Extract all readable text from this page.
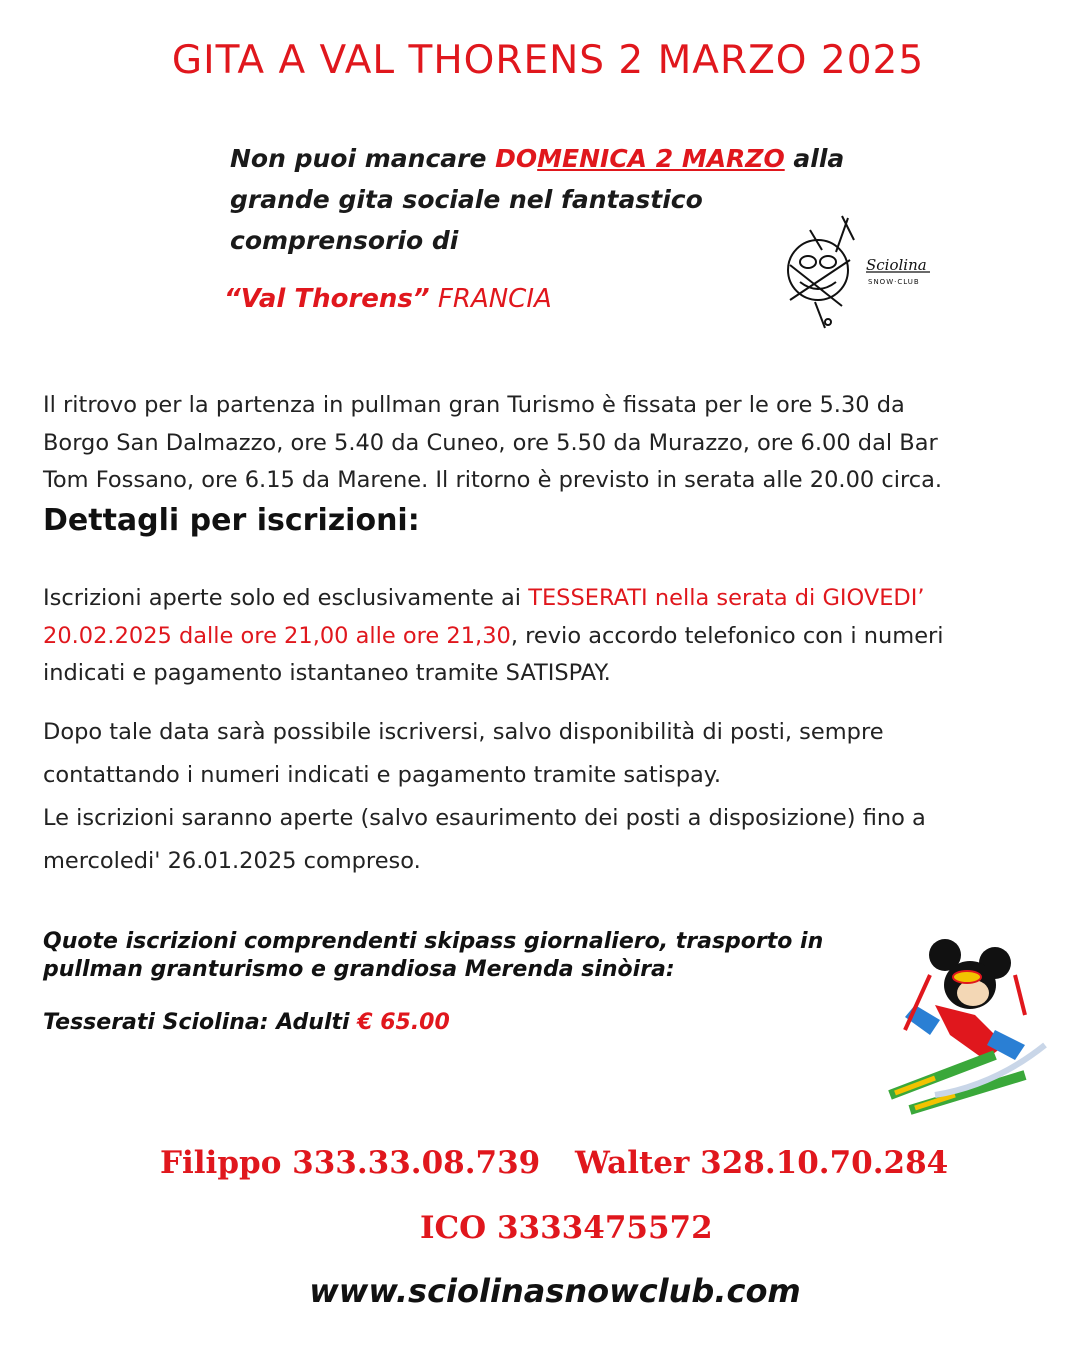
GITA A VAL THORENS 2 MARZO 2025
Non puoi mancare DOMENICA 2 MARZO alla
grande gita sociale nel fantastico
comprensorio di
“Val Thorens” FRANCIA
Sciolina
SNOW·CLUB
Il ritrovo per la partenza in pullman gran Turismo è fissata per le ore 5.30 da
Borgo San Dalmazzo, ore 5.40 da Cuneo, ore 5.50 da Murazzo, ore 6.00 dal Bar
Tom Fossano, ore 6.15 da Marene. Il ritorno è previsto in serata alle 20.00 circa.
Dettagli per iscrizioni:
Iscrizioni aperte solo ed esclusivamente ai TESSERATI nella serata di GIOVEDI’
20.02.2025 dalle ore 21,00 alle ore 21,30, revio accordo telefonico con i numeri
indicati e pagamento istantaneo tramite SATISPAY.
Dopo tale data sarà possibile iscriversi, salvo disponibilità di posti, sempre
contattando i numeri indicati e pagamento tramite satispay.
Le iscrizioni saranno aperte (salvo esaurimento dei posti a disposizione) fino a
mercoledi' 26.01.2025 compreso.
Quote iscrizioni comprendenti skipass giornaliero, trasporto in
pullman granturismo e grandiosa Merenda sinòira:
Tesserati Sciolina: Adulti € 65.00
Filippo 333.33.08.739 Walter 328.10.70.284
ICO 3333475572
www.sciolinasnowclub.com
